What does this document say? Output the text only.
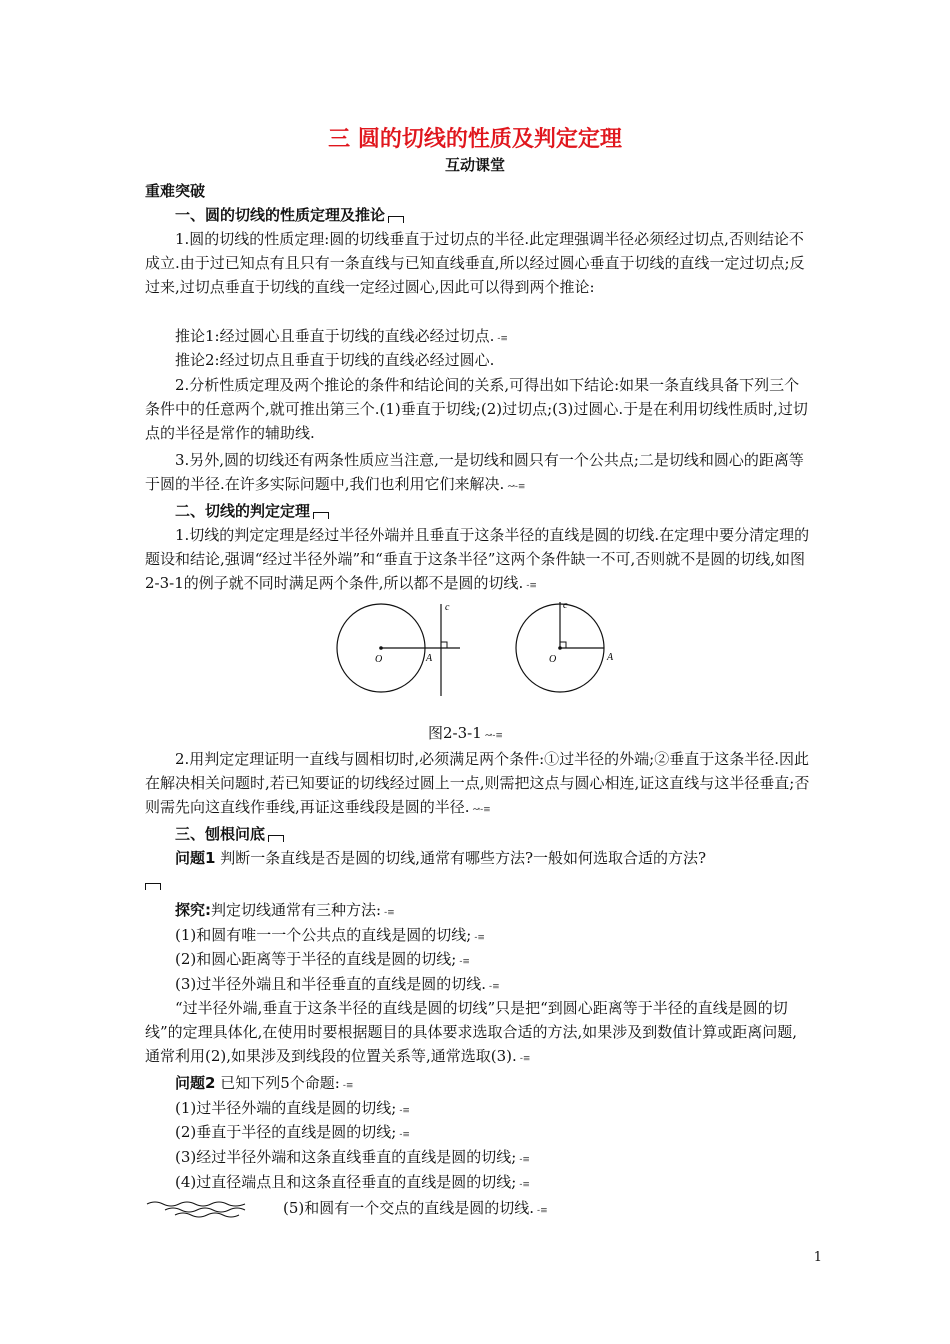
三 圆的切线的性质及判定定理
互动课堂
重难突破
一、圆的切线的性质定理及推论
1.圆的切线的性质定理:圆的切线垂直于过切点的半径.此定理强调半径必须经过切点,否则结论不成立.由于过已知点有且只有一条直线与已知直线垂直,所以经过圆心垂直于切线的直线一定过切点;反过来,过切点垂直于切线的直线一定经过圆心,因此可以得到两个推论:
推论1:经过圆心且垂直于切线的直线必经过切点. -≡
推论2:经过切点且垂直于切线的直线必经过圆心.
2.分析性质定理及两个推论的条件和结论间的关系,可得出如下结论:如果一条直线具备下列三个条件中的任意两个,就可推出第三个.(1)垂直于切线;(2)过切点;(3)过圆心.于是在利用切线性质时,过切点的半径是常作的辅助线.
3.另外,圆的切线还有两条性质应当注意,一是切线和圆只有一个公共点;二是切线和圆心的距离等于圆的半径.在许多实际问题中,我们也利用它们来解决. ↝-≡
二、切线的判定定理
1.切线的判定定理是经过半径外端并且垂直于这条半径的直线是圆的切线.在定理中要分清定理的题设和结论,强调“经过半径外端”和“垂直于这条半径”这两个条件缺一不可,否则就不是圆的切线,如图2-3-1的例子就不同时满足两个条件,所以都不是圆的切线. -≡
O	A
c
O	A
c
图2-3-1 ↝-≡
2.用判定定理证明一直线与圆相切时,必须满足两个条件:①过半径的外端;②垂直于这条半径.因此在解决相关问题时,若已知要证的切线经过圆上一点,则需把这点与圆心相连,证这直线与这半径垂直;否则需先向这直线作垂线,再证这垂线段是圆的半径. ↝-≡
三、刨根问底
问题1 判断一条直线是否是圆的切线,通常有哪些方法?一般如何选取合适的方法?

探究:判定切线通常有三种方法: -≡
(1)和圆有唯一一个公共点的直线是圆的切线; -≡
(2)和圆心距离等于半径的直线是圆的切线; -≡
(3)过半径外端且和半径垂直的直线是圆的切线. -≡
“过半径外端,垂直于这条半径的直线是圆的切线”只是把“到圆心距离等于半径的直线是圆的切线”的定理具体化,在使用时要根据题目的具体要求选取合适的方法,如果涉及到数值计算或距离问题,通常利用(2),如果涉及到线段的位置关系等,通常选取(3). -≡
问题2 已知下列5个命题: -≡
(1)过半径外端的直线是圆的切线; -≡
(2)垂直于半径的直线是圆的切线; -≡
(3)经过半径外端和这条直线垂直的直线是圆的切线; -≡
(4)过直径端点且和这条直径垂直的直线是圆的切线; -≡
(5)和圆有一个交点的直线是圆的切线. -≡
1
